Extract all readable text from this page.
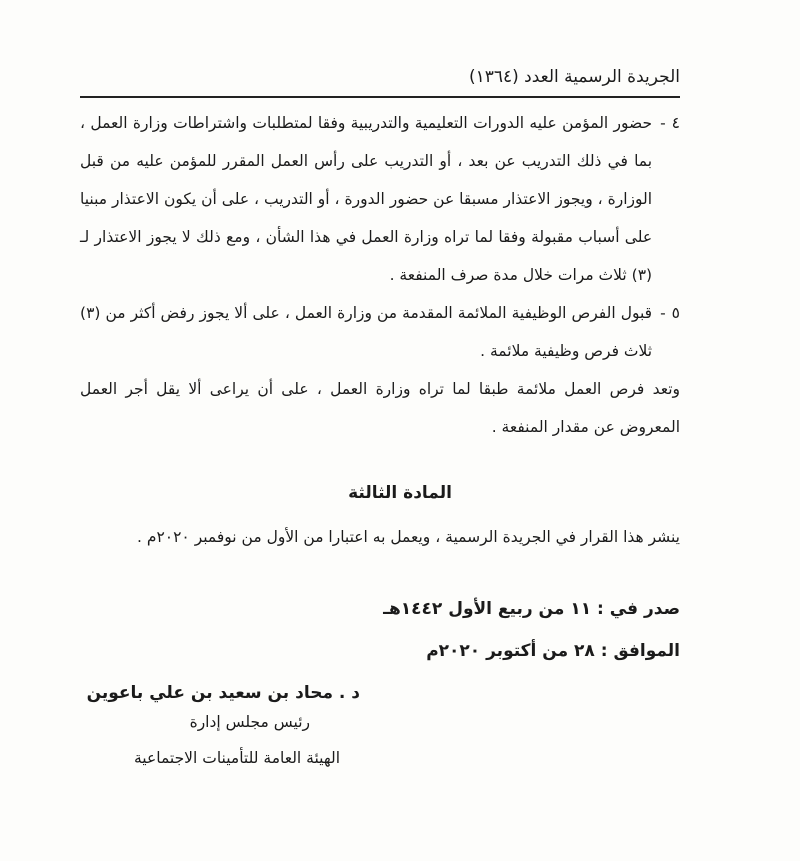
الجريدة الرسمية العدد (١٣٦٤)
٤
-
حضور المؤمن عليه الدورات التعليمية والتدريبية وفقا لمتطلبات واشتراطات وزارة العمل ، بما في ذلك التدريب عن بعد ، أو التدريب على رأس العمل المقرر للمؤمن عليه من قبل الوزارة ، ويجوز الاعتذار مسبقا عن حضور الدورة ، أو التدريب ، على أن يكون الاعتذار مبنيا على أسباب مقبولة وفقا لما تراه وزارة العمل في هذا الشأن ، ومع ذلك لا يجوز الاعتذار لـ (٣) ثلاث مرات خلال مدة صرف المنفعة .
٥
-
قبول الفرص الوظيفية الملائمة المقدمة من وزارة العمل ، على ألا يجوز رفض أكثر من (٣) ثلاث فرص وظيفية ملائمة .

وتعد فرص العمل ملائمة طبقا لما تراه وزارة العمل ، على أن يراعى ألا يقل أجر العمل المعروض عن مقدار المنفعة .

المادة الثالثة
ينشر هذا القرار في الجريدة الرسمية ، ويعمل به اعتبارا من الأول من نوفمبر ٢٠٢٠م .
صدر في : ١١ من ربيع الأول ١٤٤٢هـ
الموافق : ٢٨ من أكتوبر ٢٠٢٠م
د . محاد بن سعيد بن علي باعوين
رئيس مجلس إدارة
الهيئة العامة للتأمينات الاجتماعية
